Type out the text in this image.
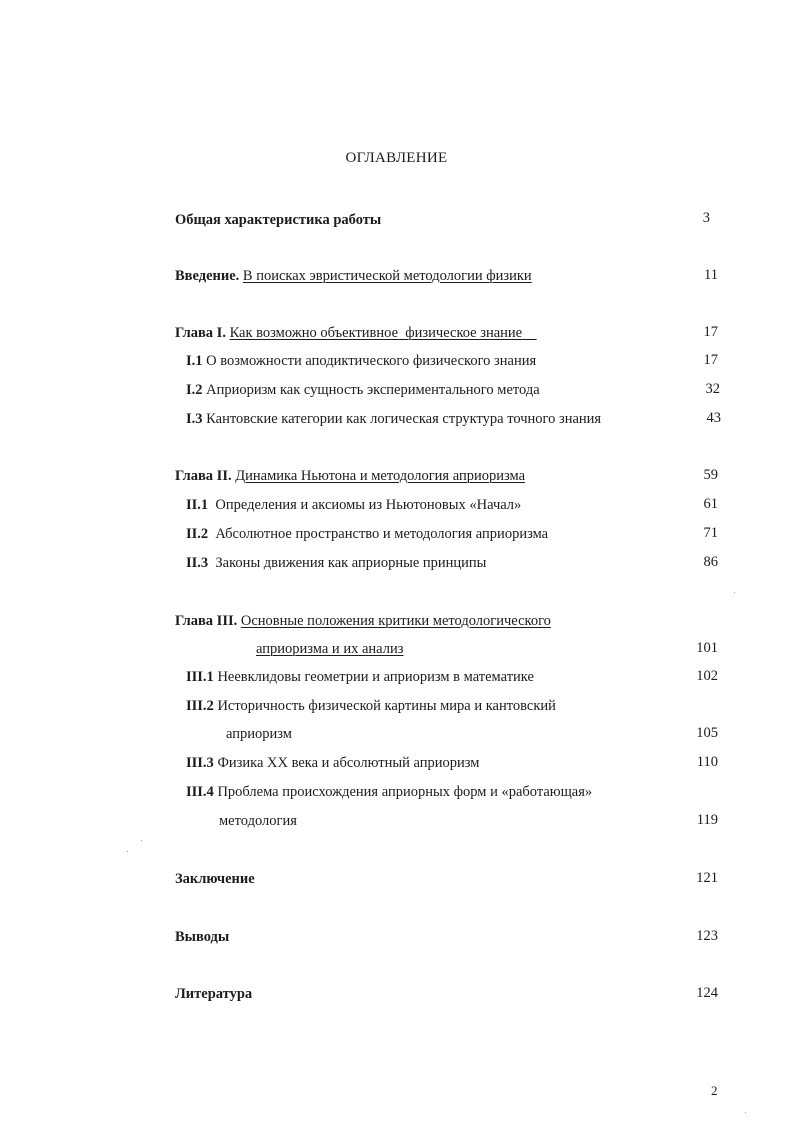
ОГЛАВЛЕНИЕ
Общая характеристика работы	3
Введение. В поисках эвристической методологии физики	11
Глава I. Как возможно объективное  физическое знание	17
I.1 О возможности аподиктического физического знания	17
I.2 Априоризм как сущность экспериментального метода	32
I.3 Кантовские категории как логическая структура точного знания	43
Глава II. Динамика Ньютона и методология априоризма	59
II.1 Определения и аксиомы из Ньютоновых «Начал»	61
II.2 Абсолютное пространство и методология априоризма	71
II.3 Законы движения как априорные принципы	86
Глава III. Основные положения критики методологического
априоризма и их анализ	101
III.1 Неевклидовы геометрии и априоризм в математике	102
III.2 Историчность физической картины мира и кантовский
априоризм	105
III.3 Физика XX века и абсолютный априоризм	110
III.4 Проблема происхождения априорных форм и «работающая»
методология	119
Заключение	121
Выводы	123
Литература	124
2
